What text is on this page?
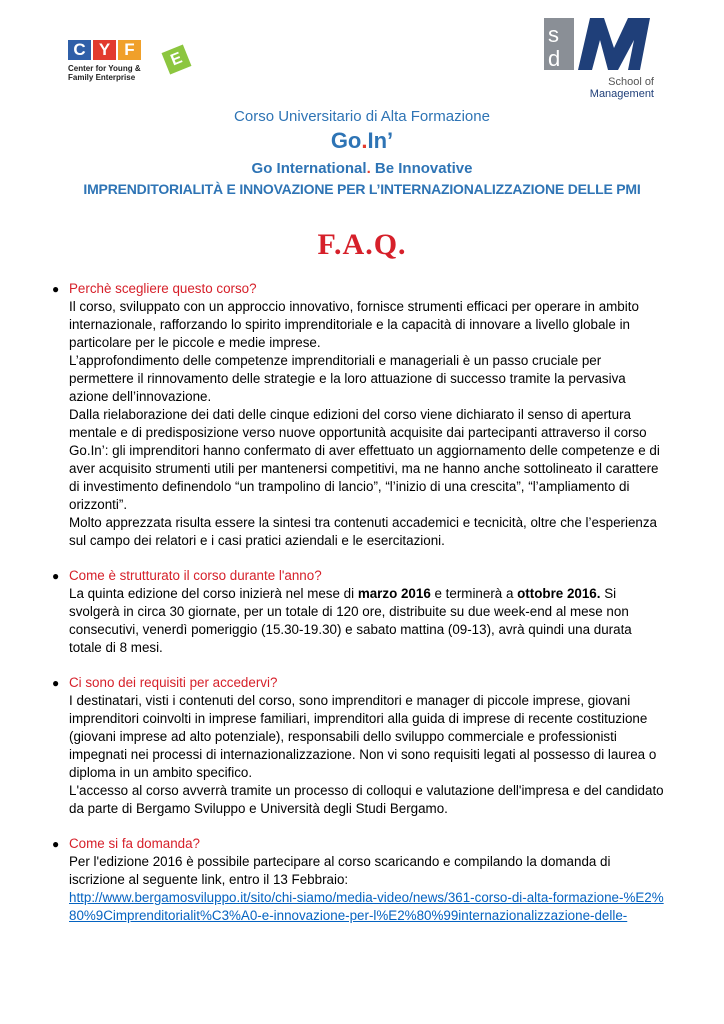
C Y F	E
Center for Young &
Family Enterprise
s
d
School of Management
Corso Universitario di Alta Formazione
Go.In’
Go International. Be Innovative
IMPRENDITORIALITÀ E INNOVAZIONE PER L’INTERNAZIONALIZZAZIONE DELLE PMI
F.A.Q.
● Perchè scegliere questo corso?

Il corso, sviluppato con un approccio innovativo, fornisce strumenti efficaci per operare in ambito internazionale, rafforzando lo spirito imprenditoriale e la capacità di innovare a livello globale in particolare per le piccole e medie imprese.

L’approfondimento delle competenze imprenditoriali e manageriali è un passo cruciale per permettere il rinnovamento delle strategie e la loro attuazione di successo tramite la pervasiva azione dell’innovazione.

Dalla rielaborazione dei dati delle cinque edizioni del corso viene dichiarato il senso di apertura mentale e di predisposizione verso nuove opportunità acquisite dai partecipanti attraverso il corso Go.In’: gli imprenditori hanno confermato di aver effettuato un aggiornamento delle competenze e di aver acquisito strumenti utili per mantenersi competitivi, ma ne hanno anche sottolineato il carattere di investimento definendolo “un trampolino di lancio”, “l’inizio di una crescita”, “l’ampliamento di orizzonti”.

Molto apprezzata risulta essere la sintesi tra contenuti accademici e tecnicità, oltre che l’esperienza sul campo dei relatori e i casi pratici aziendali e le esercitazioni.

● Come è strutturato il corso durante l'anno?

La quinta edizione del corso inizierà nel mese di marzo 2016 e terminerà a ottobre 2016. Si svolgerà in circa 30 giornate, per un totale di 120 ore, distribuite su due week-end al mese non consecutivi, venerdì pomeriggio (15.30-19.30) e sabato mattina (09-13), avrà quindi una durata totale di 8 mesi.

● Ci sono dei requisiti per accedervi?

I destinatari, visti i contenuti del corso, sono imprenditori e manager di piccole imprese, giovani imprenditori coinvolti in imprese familiari, imprenditori alla guida di imprese di recente costituzione (giovani imprese ad alto potenziale), responsabili dello sviluppo commerciale e professionisti impegnati nei processi di internazionalizzazione. Non vi sono requisiti legati al possesso di laurea o diploma in un ambito specifico.

L'accesso al corso avverrà tramite un processo di colloqui e valutazione dell'impresa e del candidato da parte di Bergamo Sviluppo e Università degli Studi Bergamo.

● Come si fa domanda?

Per l'edizione 2016 è possibile partecipare al corso scaricando e compilando la domanda di iscrizione al seguente link, entro il 13 Febbraio:

http://www.bergamosviluppo.it/sito/chi-siamo/media-video/news/361-corso-di-alta-formazione-%E2%80%9Cimprenditorialit%C3%A0-e-innovazione-per-l%E2%80%99internazionalizzazione-delle-
